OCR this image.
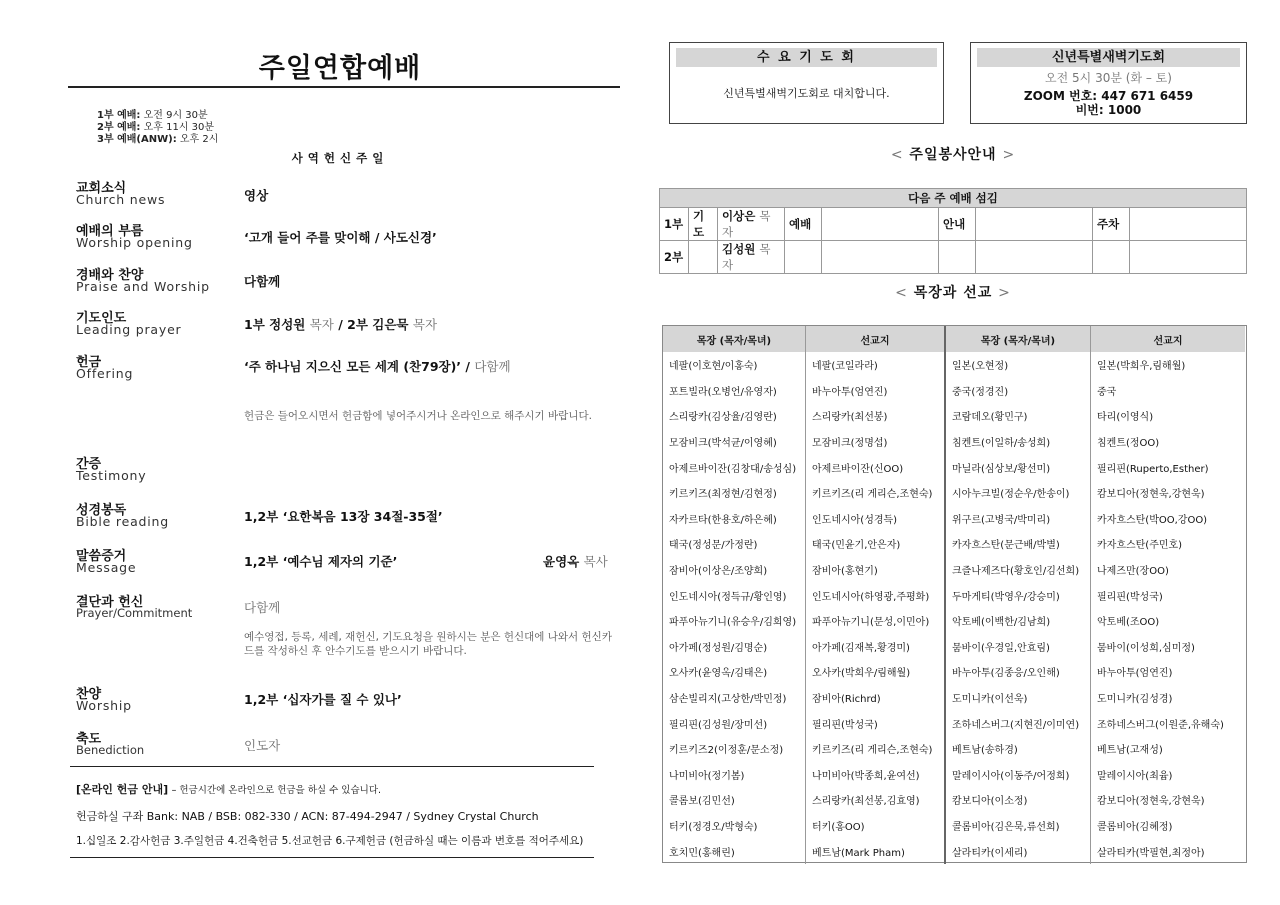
주일연합예배
1부 예배: 오전 9시 30분
2부 예배: 오후 11시 30분
3부 예배(ANW): 오후 2시
사역헌신주일
교회소식
Church news	영상
예배의 부름
Worship opening	‘고개 들어 주를 맞이해 / 사도신경’
경배와 찬양
Praise and Worship	다함께
기도인도
Leading prayer	1부 정성원 목자 / 2부 김은묵 목자
헌금
Offering	‘주 하나님 지으신 모든 세계 (찬79장)’ / 다함께
헌금은 들어오시면서 헌금함에 넣어주시거나 온라인으로 해주시기 바랍니다.
간증
Testimony
성경봉독
Bible reading	1,2부 ‘요한복음 13장 34절-35절’
말씀증거
Message	1,2부 ‘예수님 제자의 기준’	윤영옥 목사
결단과 헌신
Prayer/Commitment	다함께
예수영접, 등록, 세례, 재헌신, 기도요청을 원하시는 분은 헌신대에 나와서 헌신카드를 작성하신 후 안수기도를 받으시기 바랍니다.
찬양
Worship	1,2부 ‘십자가를 질 수 있나’
축도
Benediction	인도자
[온라인 헌금 안내] – 헌금시간에 온라인으로 헌금을 하실 수 있습니다.
헌금하실 구좌 Bank: NAB / BSB: 082-330 / ACN: 87-494-2947 / Sydney Crystal Church
1.십일조 2.감사헌금 3.주일헌금 4.건축헌금 5.선교헌금 6.구제헌금 (헌금하실 때는 이름과 번호를 적어주세요)
수 요 기 도 회
신년특별새벽기도회로 대치합니다.
신년특별새벽기도회
오전 5시 30분 (화 – 토)
ZOOM 번호: 447 671 6459
비번: 1000
< 주일봉사안내 >
다음 주 예배 섬김								
1부	기도	이상은 목자	예배		안내		주차	
2부		김성원 목자						
< 목장과 선교 >
목장 (목자/목녀)	선교지	목장 (목자/목녀)	선교지
네팔(이호현/이홍숙)	네팔(코일라라)	일본(오현정)	일본(박희우,림해월)
포트빌라(오병언/유영자)	바누아투(엄연진)	중국(정경진)	중국
스리랑카(김상율/김영란)	스리랑카(최선봉)	코람데오(황민구)	타리(이영식)
모잠비크(박석균/이영혜)	모잠비크(정명섭)	침켄트(이일하/송성희)	침켄트(정OO)
아제르바이잔(김창대/송성심)	아제르바이잔(신OO)	마닐라(심상보/황선미)	필리핀(Ruperto,Esther)
키르키즈(최정현/김현정)	키르키즈(리 게리슨,조현숙)	시아누크빌(정순우/한송이)	캄보디아(정현욱,강현욱)
자카르타(한용호/하은혜)	인도네시아(성경득)	위구르(고병국/박미리)	카자흐스탄(박OO,강OO)
태국(정성문/가정란)	태국(민윤기,안은자)	카자흐스탄(문근배/박별)	카자흐스탄(주민호)
잠비아(이상은/조양희)	잠비아(홍현기)	크즐나제즈다(황호인/김선희)	나제즈만(장OO)
인도네시아(정득규/황인영)	인도네시아(하영광,주평화)	두마게티(박영우/강승미)	필리핀(박성국)
파푸아뉴기니(유승우/김희영)	파푸아뉴기니(문성,이민아)	악토베(이백한/김남희)	악토베(조OO)
아가페(정성원/김명순)	아가페(김재복,황경미)	뭄바이(우경일,안효림)	뭄바이(이성희,심미정)
오사카(윤영옥/김태은)	오사카(박희우/림해월)	바누아투(김종응/오인해)	바누아투(엄연진)
삼손빌리지(고상한/박민정)	잠비아(Richrd)	도미니카(이선욱)	도미니카(김성경)
필리핀(김성원/장미선)	필리핀(박성국)	조하네스버그(지현진/이미연)	조하네스버그(이원준,유해숙)
키르키즈2(이정훈/문소정)	키르키즈(리 게리슨,조현숙)	베트남(송하경)	베트남(고재성)
나미비아(정기봄)	나미비아(박종희,윤여선)	말레이시아(이동주/어정희)	말레이시아(최윰)
콜롬보(김민선)	스리랑카(최선봉,김효영)	캄보디아(이소정)	캄보디아(정현욱,강현욱)
터키(정경오/박형숙)	터키(홍OO)	콜롬비아(김은묵,류선희)	콜롬비아(김혜정)
호치민(홍해린)	베트남(Mark Pham)	살라티카(이세리)	살라티카(박필현,최정아)
